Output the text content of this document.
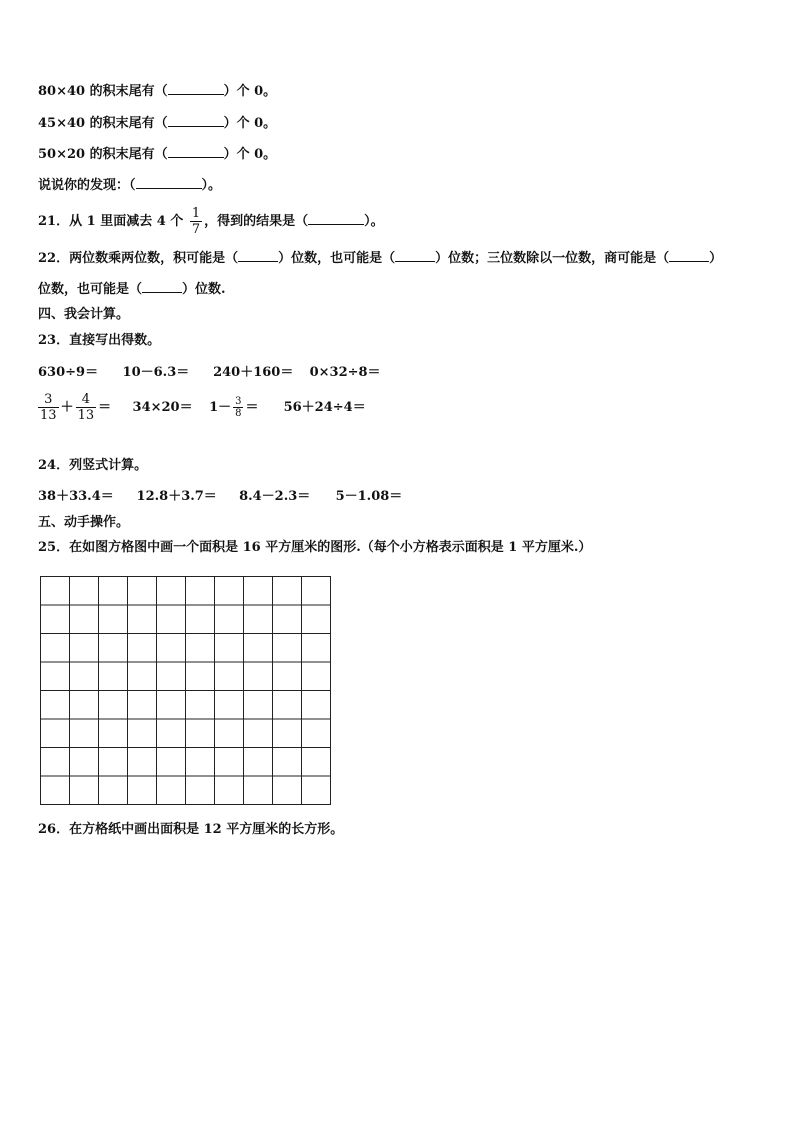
80×40 的积末尾有（	）个 0。
45×40 的积末尾有（	）个 0。
50×20 的积末尾有（	）个 0。
说说你的发现：（	）。
21．从 1 里面减去 4 个 $\frac{1}{7}$ ，得到的结果是（	）。
22．两位数乘两位数，积可能是（	）位数，也可能是（	）位数；三位数除以一位数，商可能是（	）
位数，也可能是（	）位数.
四、我会计算。
23．直接写出得数。
630÷9＝ 10－6.3＝ 240＋160＝ 0×32÷8＝
$\frac{3}{13} + \frac{4}{13} = 34\times 20= 1- \frac{3}{8} = 56+24\div 4=$
24．列竖式计算。
38＋33.4＝ 12.8＋3.7＝ 8.4－2.3＝ 5－1.08＝
五、动手操作。
25．在如图方格图中画一个面积是 16 平方厘米的图形.（每个小方格表示面积是 1 平方厘米.）
26．在方格纸中画出面积是 12 平方厘米的长方形。
